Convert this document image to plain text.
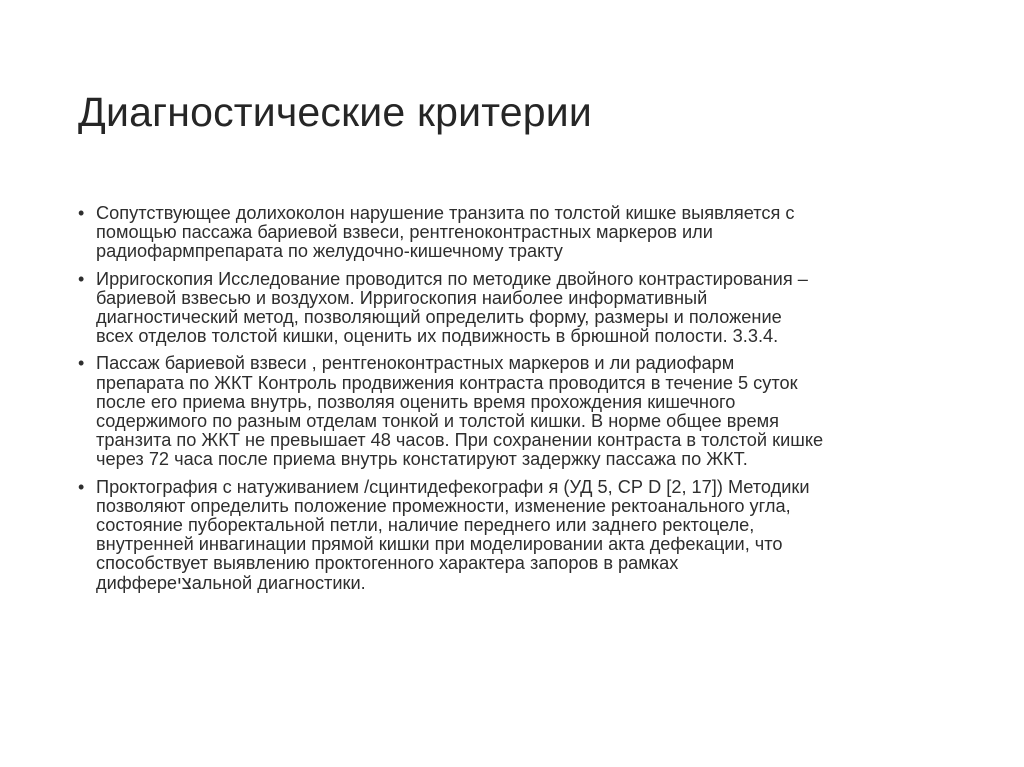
Диагностические критерии
• Сопутствующее долихоколон нарушение транзита по толстой кишке выявляется с
помощью пассажа бариевой взвеси, рентгеноконтрастных маркеров или
радиофармпрепарата по желудочно-кишечному тракту
• Ирригоскопия Исследование проводится по методике двойного контрастирования –
бариевой взвесью и воздухом. Ирригоскопия наиболее информативный
диагностический метод, позволяющий определить форму, размеры и положение
всех отделов толстой кишки, оценить их подвижность в брюшной полости. 3.3.4.
• Пассаж бариевой взвеси , рентгеноконтрастных маркеров и ли радиофарм
препарата по ЖКТ Контроль продвижения контраста проводится в течение 5 суток
после его приема внутрь, позволяя оценить время прохождения кишечного
содержимого по разным отделам тонкой и толстой кишки. В норме общее время
транзита по ЖКТ не превышает 48 часов. При сохранении контраста в толстой кишке
через 72 часа после приема внутрь констатируют задержку пассажа по ЖКТ.
• Проктография с натуживанием /сцинтидефекографи я (УД 5, СР D [2, 17]) Методики
позволяют определить положение промежности, изменение ректоанального угла,
состояние пуборектальной петли, наличие переднего или заднего ректоцеле,
внутренней инвагинации прямой кишки при моделировании акта дефекации, что
способствует выявлению проктогенного характера запоров в рамках
диффереציальной диагностики.
